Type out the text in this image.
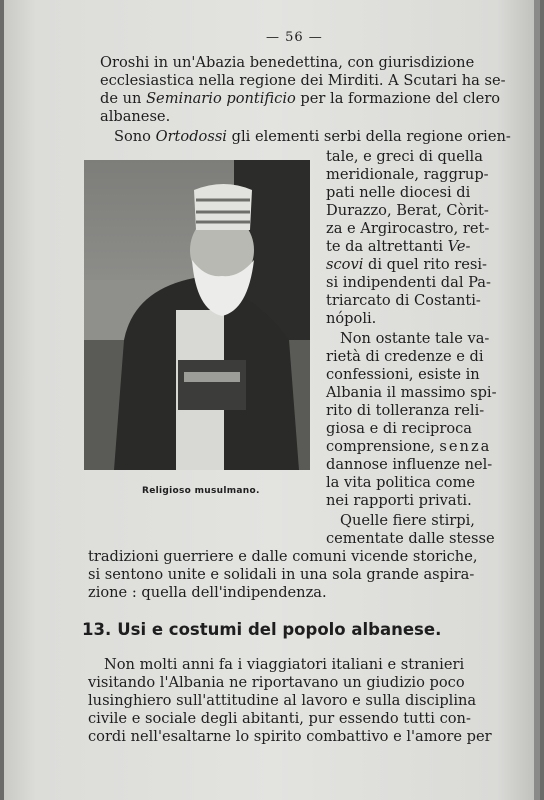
— 56 —
Oroshi in un'Abazia benedettina, con giurisdizione
ecclesiastica nella regione dei Mirditi. A Scutari ha se-
de un Seminario pontificio per la formazione del clero
albanese.
Sono Ortodossi gli elementi serbi della regione orien-
tale, e greci di quella
meridionale, raggrup-
pati nelle diocesi di
Durazzo, Berat, Còrit-
za e Argirocastro, ret-
te da altrettanti Ve-
scovi di quel rito resi-
si indipendenti dal Pa-
triarcato di Costanti-
nópoli.
Non ostante tale va-
rietà di credenze e di
confessioni, esiste in
Albania il massimo spi-
rito di tolleranza reli-
giosa e di reciproca
comprensione, senza
dannose influenze nel-
la vita politica come
nei rapporti privati.
Quelle fiere stirpi,
cementate dalle stesse
Religioso musulmano.
tradizioni guerriere e dalle comuni vicende storiche,
si sentono unite e solidali in una sola grande aspira-
zione : quella dell'indipendenza.
13. Usi e costumi del popolo albanese.
Non molti anni fa i viaggiatori italiani e stranieri
visitando l'Albania ne riportavano un giudizio poco
lusinghiero sull'attitudine al lavoro e sulla disciplina
civile e sociale degli abitanti, pur essendo tutti con-
cordi nell'esaltarne lo spirito combattivo e l'amore per
